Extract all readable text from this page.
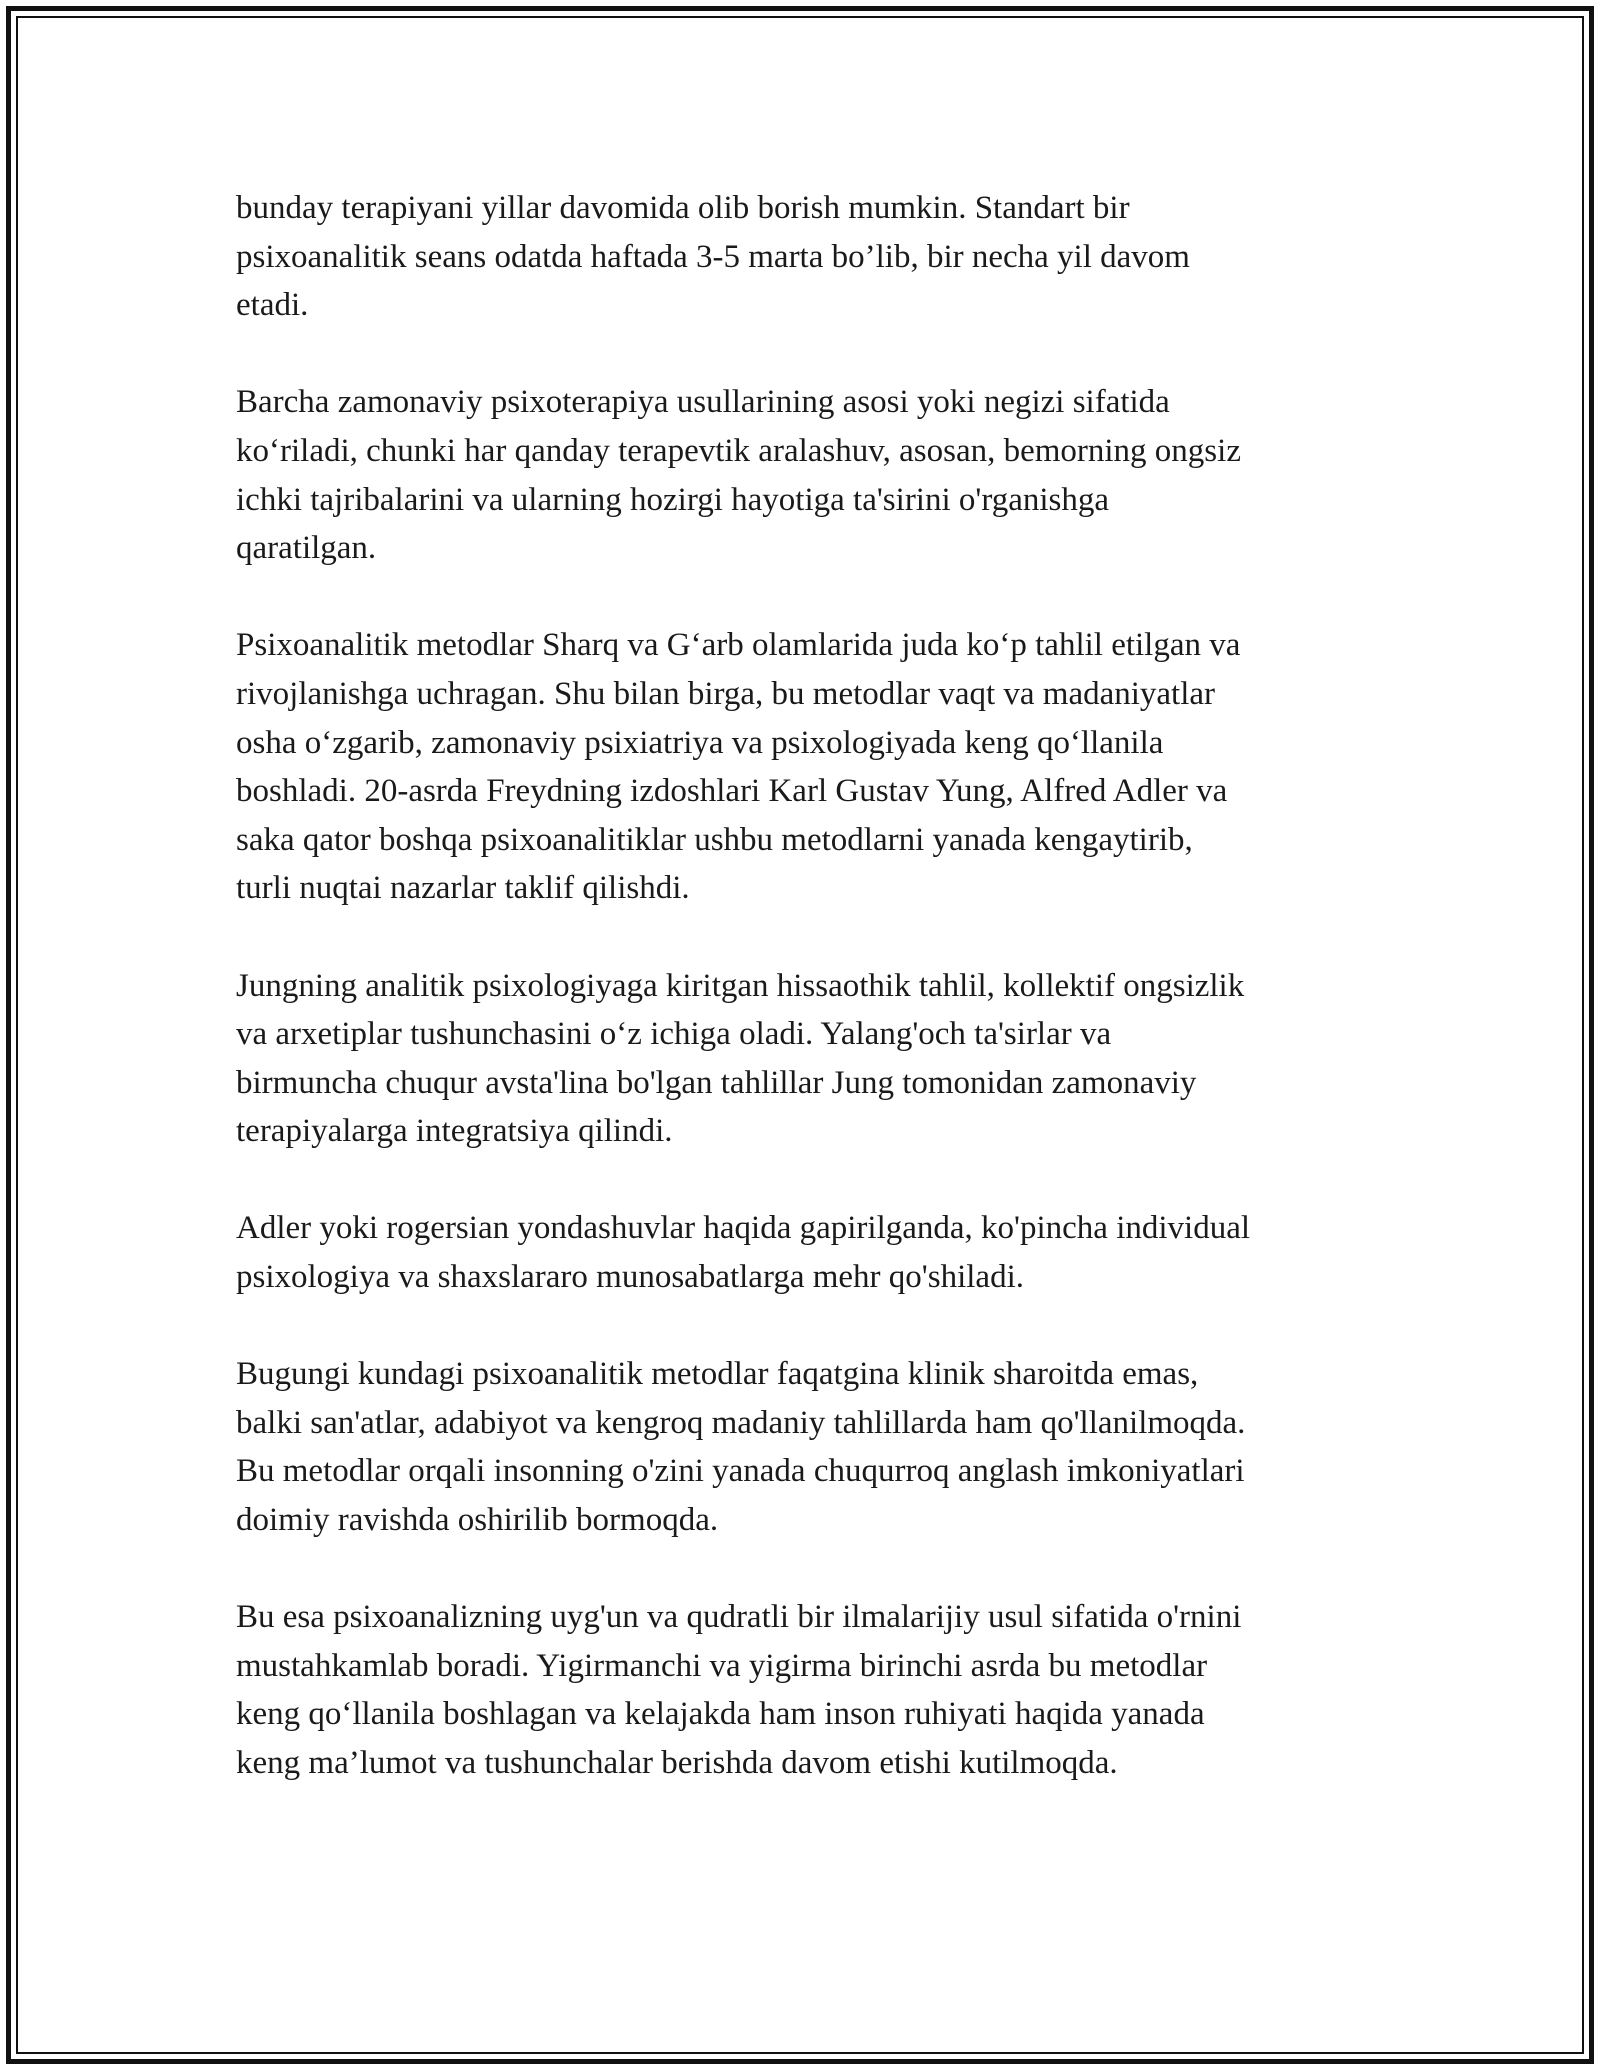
bunday terapiyani yillar davomida olib borish mumkin. Standart bir
psixoanalitik seans odatda haftada 3-5 marta bo’lib, bir necha yil davom
etadi.

Barcha zamonaviy psixoterapiya usullarining asosi yoki negizi sifatida
ko‘riladi, chunki har qanday terapevtik aralashuv, asosan, bemorning ongsiz
ichki tajribalarini va ularning hozirgi hayotiga ta'sirini o'rganishga
qaratilgan.

Psixoanalitik metodlar Sharq va G‘arb olamlarida juda ko‘p tahlil etilgan va
rivojlanishga uchragan. Shu bilan birga, bu metodlar vaqt va madaniyatlar
osha o‘zgarib, zamonaviy psixiatriya va psixologiyada keng qo‘llanila
boshladi. 20-asrda Freydning izdoshlari Karl Gustav Yung, Alfred Adler va
saka qator boshqa psixoanalitiklar ushbu metodlarni yanada kengaytirib,
turli nuqtai nazarlar taklif qilishdi.

Jungning analitik psixologiyaga kiritgan hissaothik tahlil, kollektif ongsizlik
va arxetiplar tushunchasini o‘z ichiga oladi. Yalang'och ta'sirlar va
birmuncha chuqur avsta'lina bo'lgan tahlillar Jung tomonidan zamonaviy
terapiyalarga integratsiya qilindi.

Adler yoki rogersian yondashuvlar haqida gapirilganda, ko'pincha individual
psixologiya va shaxslararo munosabatlarga mehr qo'shiladi.

Bugungi kundagi psixoanalitik metodlar faqatgina klinik sharoitda emas,
balki san'atlar, adabiyot va kengroq madaniy tahlillarda ham qo'llanilmoqda.
Bu metodlar orqali insonning o'zini yanada chuqurroq anglash imkoniyatlari
doimiy ravishda oshirilib bormoqda.

Bu esa psixoanalizning uyg'un va qudratli bir ilmalarijiy usul sifatida o'rnini
mustahkamlab boradi. Yigirmanchi va yigirma birinchi asrda bu metodlar
keng qo‘llanila boshlagan va kelajakda ham inson ruhiyati haqida yanada
keng ma’lumot va tushunchalar berishda davom etishi kutilmoqda.
